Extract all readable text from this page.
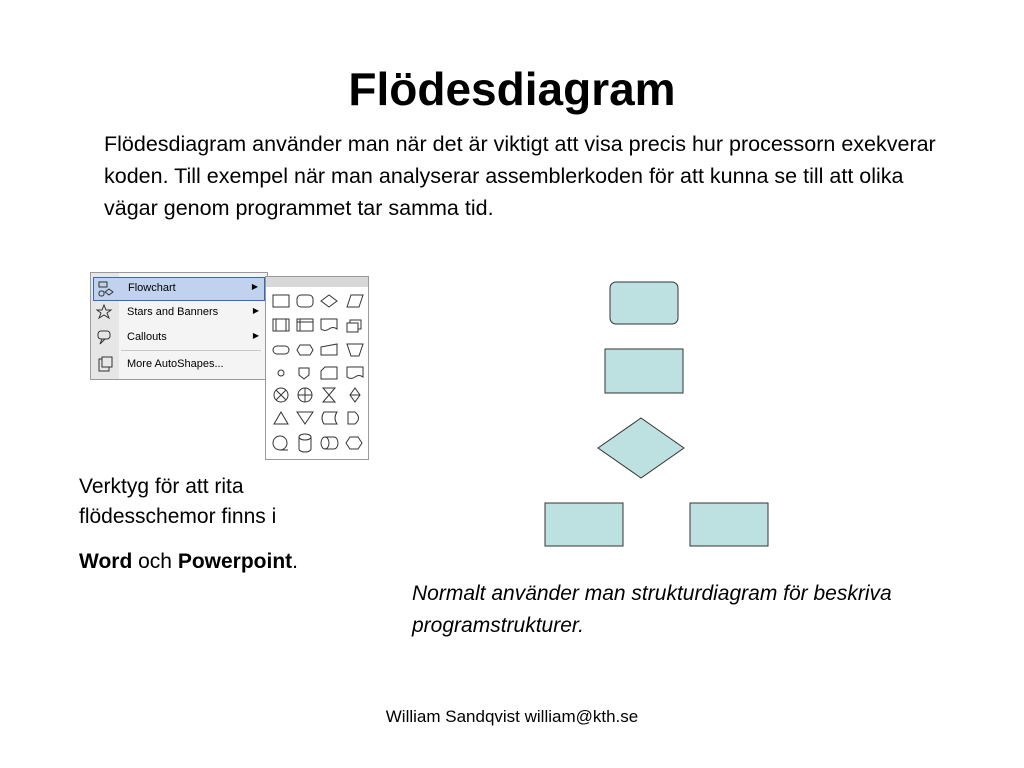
Flödesdiagram
Flödesdiagram använder man när det är viktigt att visa precis hur processorn exekverar koden. Till exempel när man analyserar assemblerkoden för att kunna se till att olika vägar genom programmet tar samma tid.
Flowchart	▶
Stars and Banners	▶
Callouts	▶
More AutoShapes...
Verktyg för att rita flödesschemor finns i
Word och Powerpoint.
Normalt använder man strukturdiagram för beskriva programstrukturer.
William Sandqvist william@kth.se
